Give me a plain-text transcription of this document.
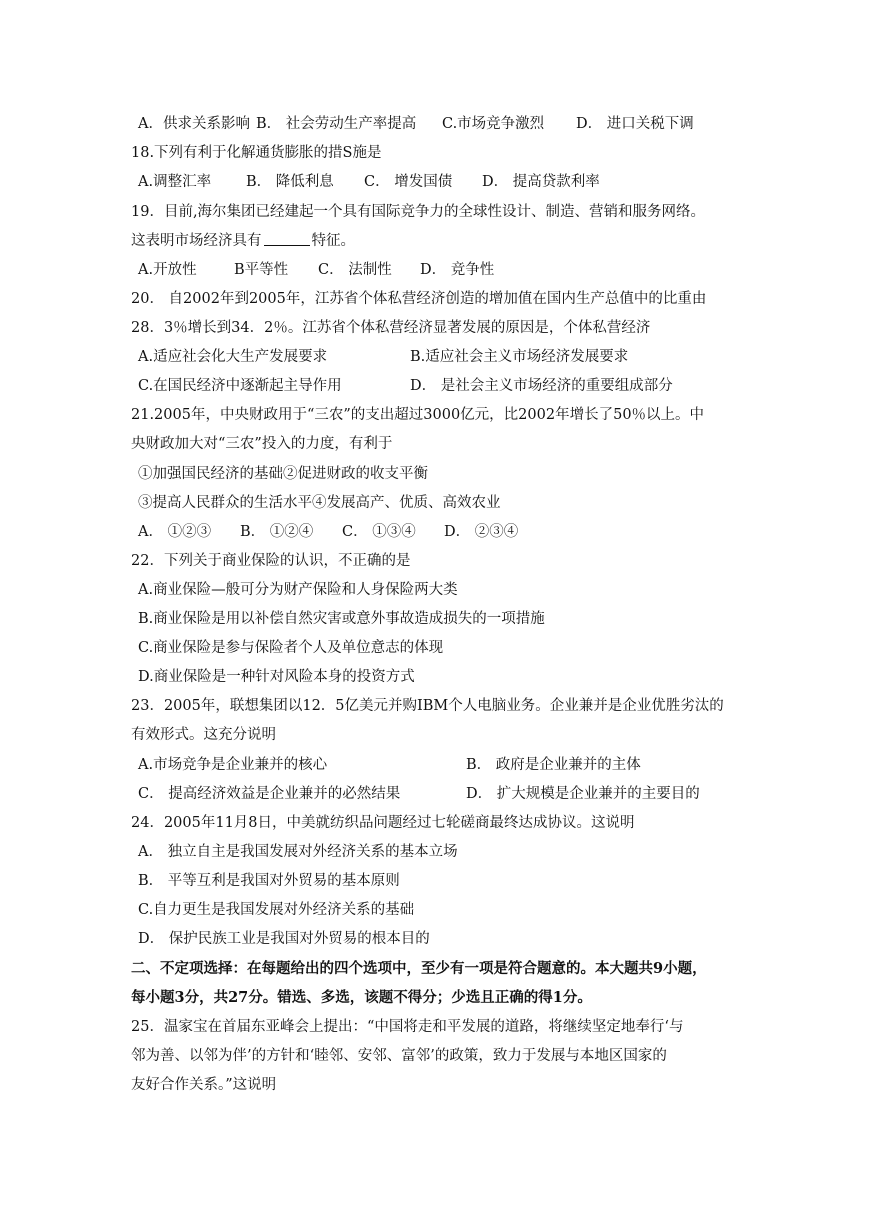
A．供求关系影响 B． 社会劳动生产率提高 C.市场竞争激烈 D． 进口关税下调
18.下列有利于化解通货膨胀的措S施是
A.调整汇率 B． 降低利息 C． 增发国债 D． 提高贷款利率
19．目前,海尔集团已经建起一个具有国际竞争力的全球性设计、制造、营销和服务网络。
这表明市场经济具有	特征。
A.开放性	B平等性 C． 法制性 D． 竞争性
20． 自2002年到2005年，江苏省个体私营经济创造的增加值在国内生产总值中的比重由
28．3％增长到34．2％。江苏省个体私营经济显著发展的原因是，个体私营经济
A.适应社会化大生产发展要求	B.适应社会主义市场经济发展要求
C.在国民经济中逐渐起主导作用	D． 是社会主义市场经济的重要组成部分
21.2005年，中央财政用于“三农”的支出超过3000亿元，比2002年增长了50％以上。中
央财政加大对“三农”投入的力度，有利于
①加强国民经济的基础②促进财政的收支平衡
③提高人民群众的生活水平④发展高产、优质、高效农业
A． ①②③ B． ①②④ C． ①③④ D． ②③④
22．下列关于商业保险的认识，不正确的是
A.商业保险—般可分为财产保险和人身保险两大类
B.商业保险是用以补偿自然灾害或意外事故造成损失的一项措施
C.商业保险是参与保险者个人及单位意志的体现
D.商业保险是一种针对风险本身的投资方式
23．2005年，联想集团以12．5亿美元并购IBM个人电脑业务。企业兼并是企业优胜劣汰的
有效形式。这充分说明
A.市场竞争是企业兼并的核心	B． 政府是企业兼并的主体
C． 提高经济效益是企业兼并的必然结果	D． 扩大规模是企业兼并的主要目的
24．2005年11月8日，中美就纺织品问题经过七轮磋商最终达成协议。这说明
A． 独立自主是我国发展对外经济关系的基本立场
B． 平等互利是我国对外贸易的基本原则
C.自力更生是我国发展对外经济关系的基础
D． 保护民族工业是我国对外贸易的根本目的
二、不定项选择：在每题给出的四个选项中，至少有一项是符合题意的。本大题共9小题，
每小题3分，共27分。错选、多选，该题不得分；少选且正确的得1分。
25．温家宝在首届东亚峰会上提出：“中国将走和平发展的道路，将继续坚定地奉行‘与
邻为善、以邻为伴’的方针和‘睦邻、安邻、富邻’的政策，致力于发展与本地区国家的
友好合作关系。”这说明
